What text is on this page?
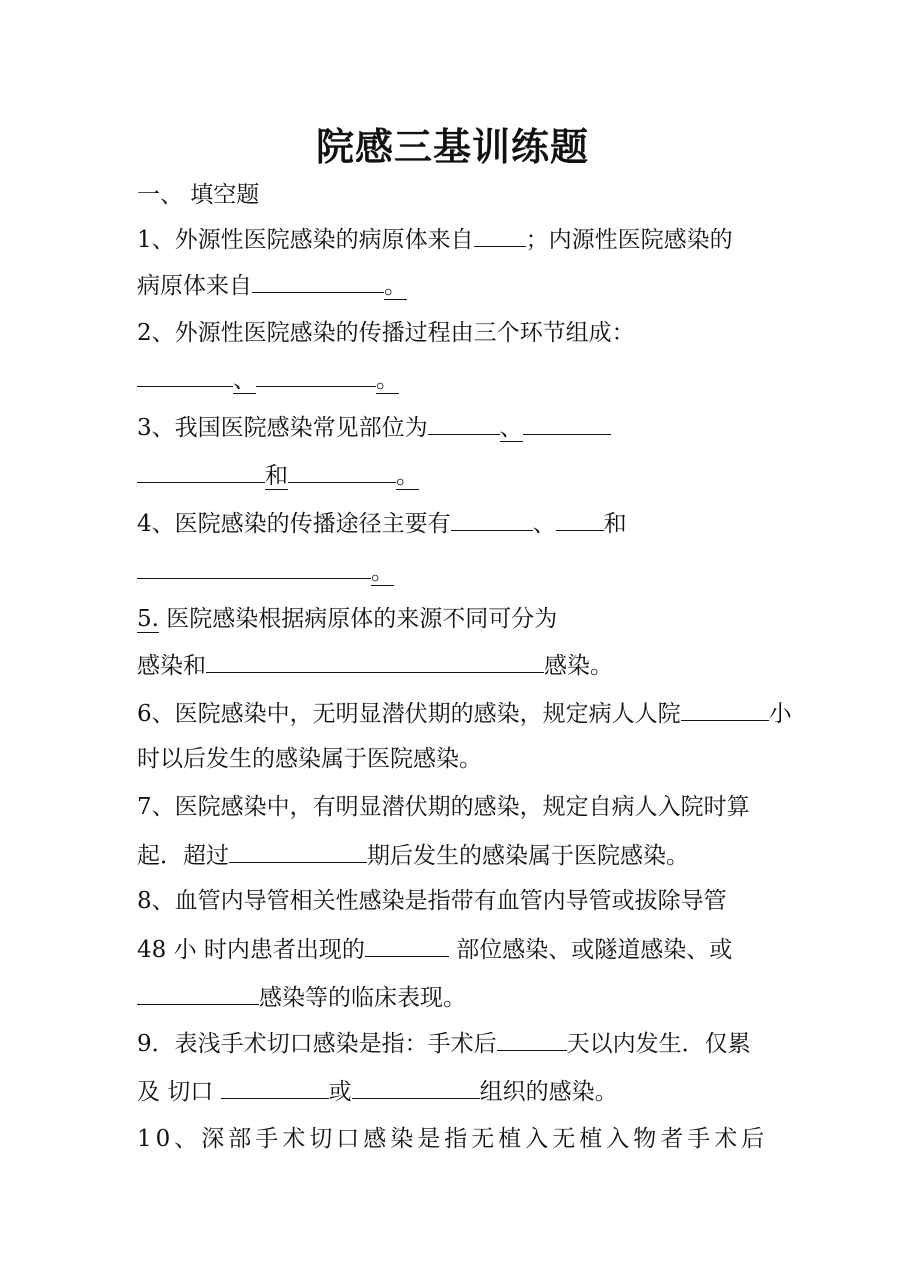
院感三基训练题
一、 填空题
1、外源性医院感染的病原体来自 ；内源性医院感染的
病原体来自	。
2、外源性医院感染的传播过程由三个环节组成：
、	。
3、我国医院感染常见部位为	、
和	。
4、医院感染的传播途径主要有	、 和
。
5. 医院感染根据病原体的来源不同可分为
感染和	感染。
6、医院感染中，无明显潜伏期的感染，规定病人人院	小
时以后发生的感染属于医院感染。
7、医院感染中，有明显潜伏期的感染，规定自病人入院时算
起．超过	期后发生的感染属于医院感染。
8、血管内导管相关性感染是指带有血管内导管或拔除导管
48 小 时内患者出现的	部位感染、或隧道感染、或
感染等的临床表现。
9．表浅手术切口感染是指：手术后	天以内发生．仅累
及 切口	或	组织的感染。
10、深部手术切口感染是指无植入无植入物者手术后
